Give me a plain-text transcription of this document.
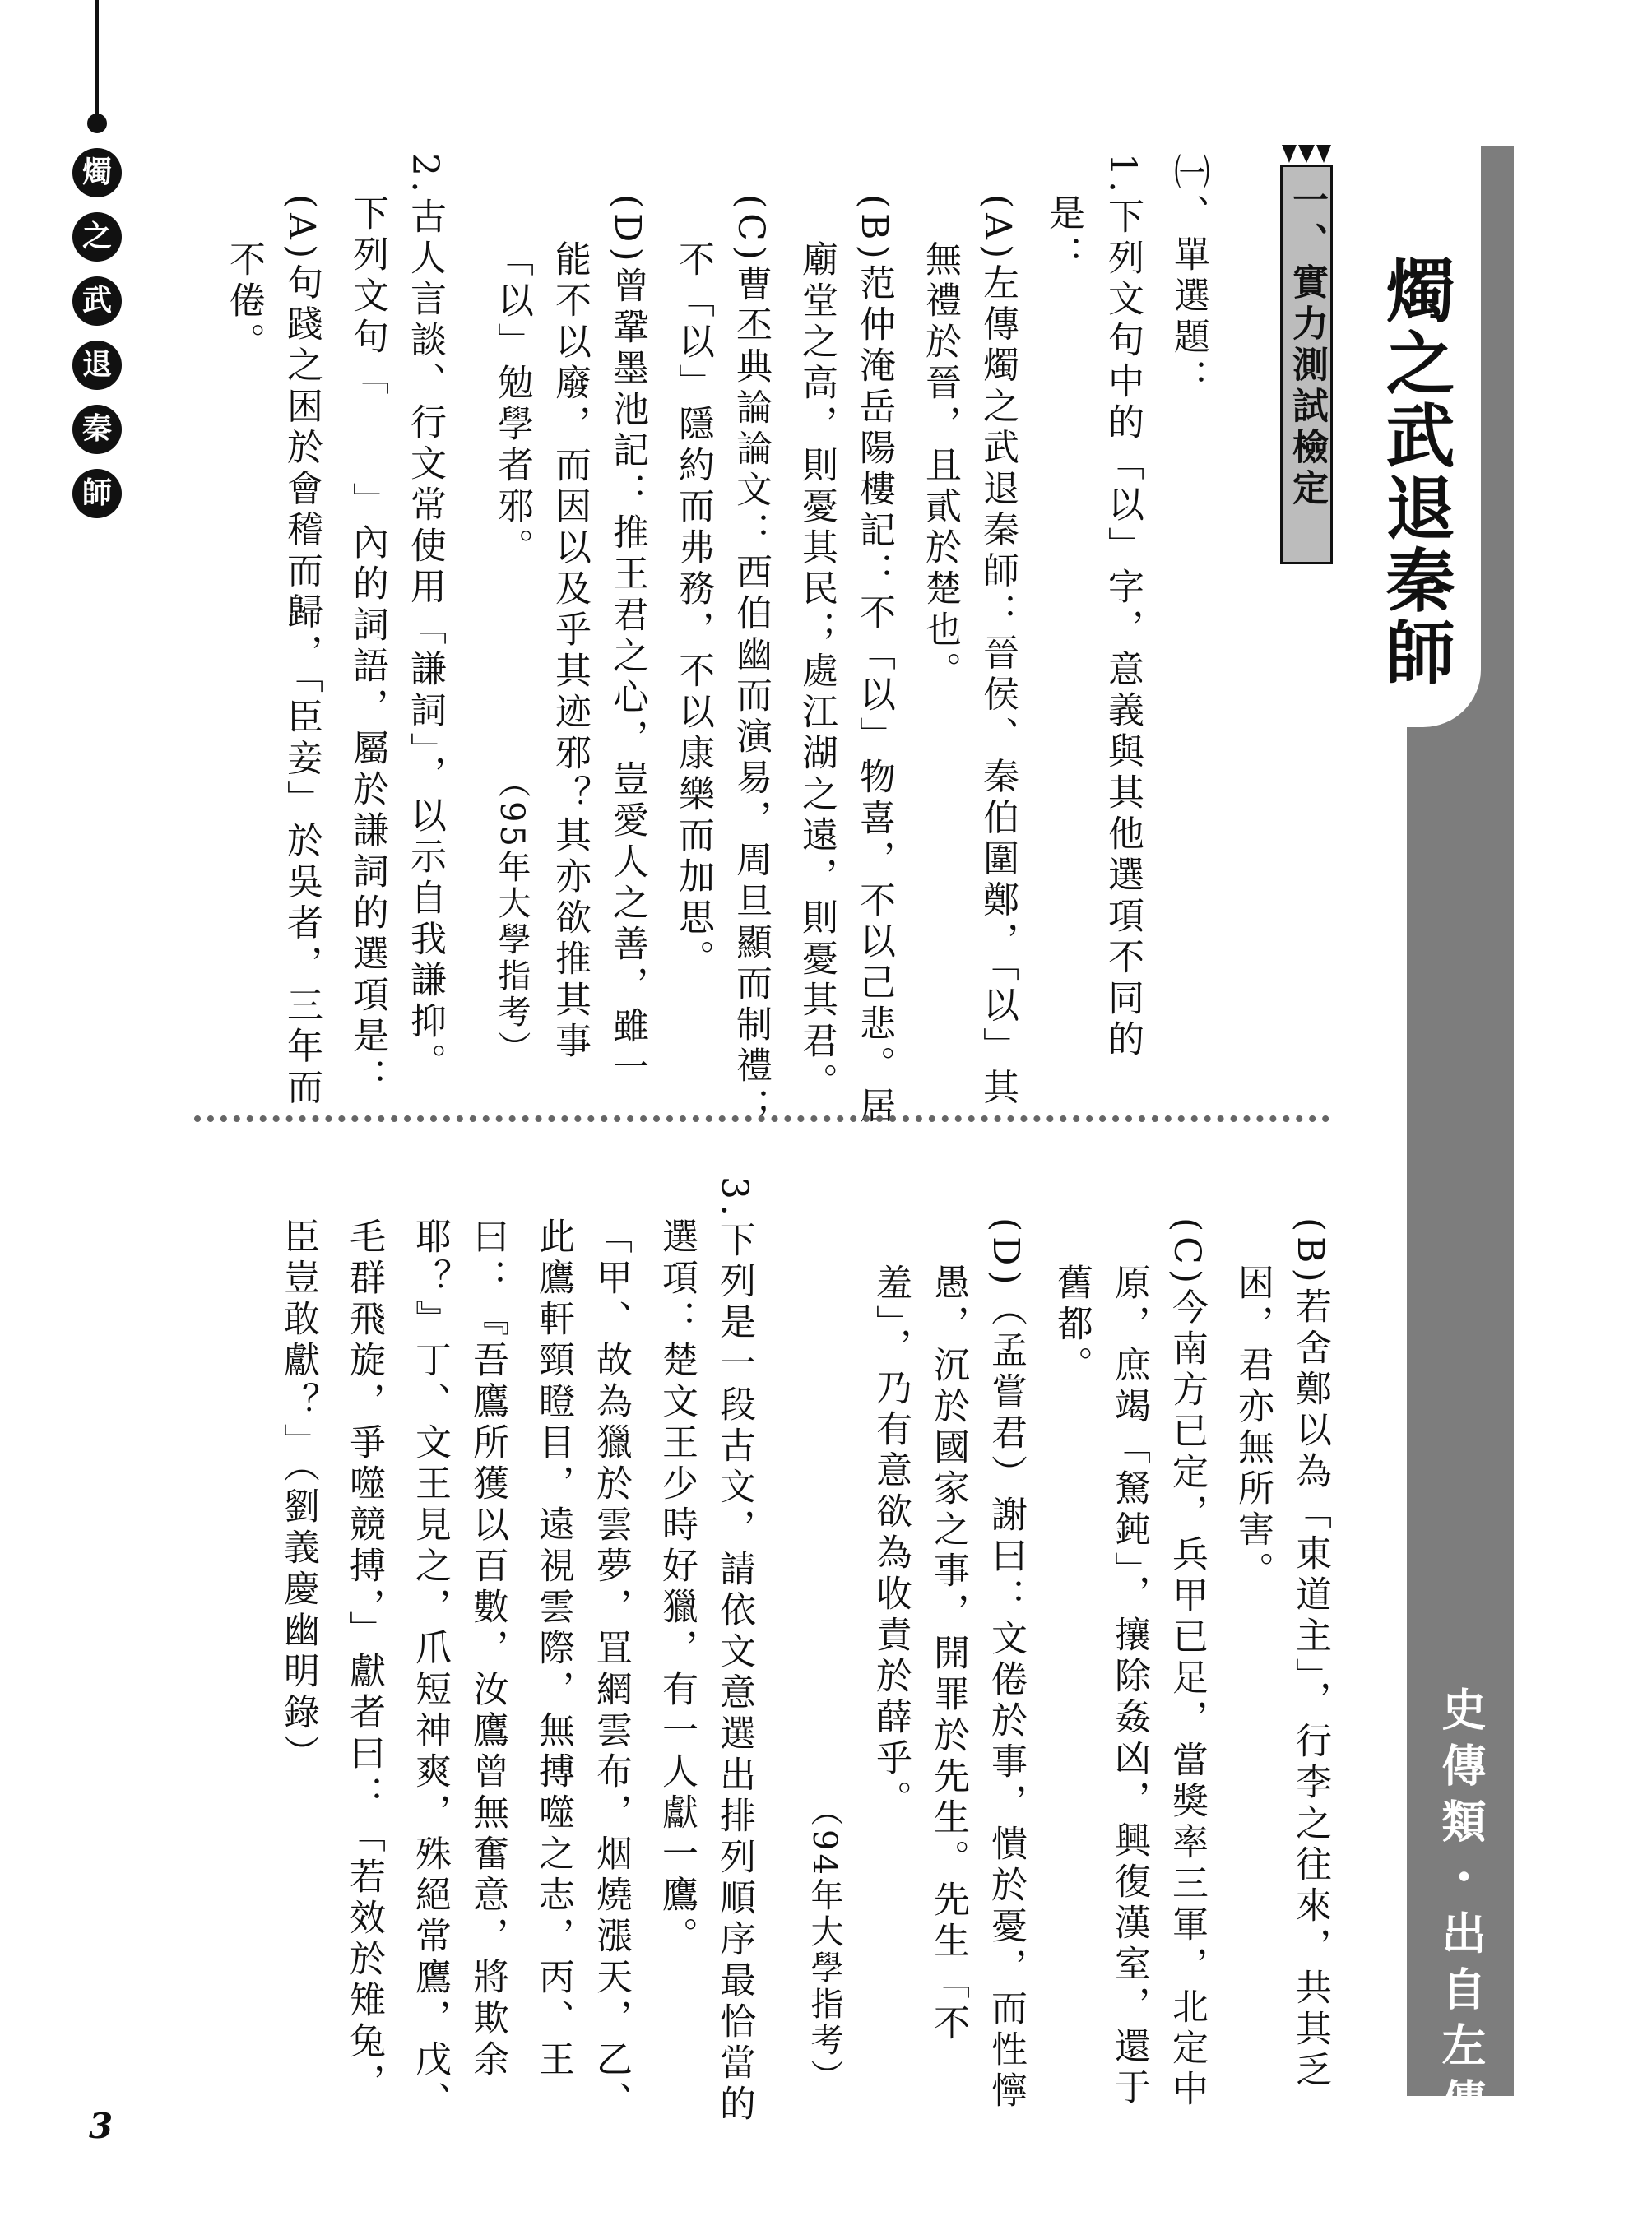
燭之武退秦師
史傳類・出自左傳
燭
之
武
退
秦
師	一、實力測試檢定
㈠、單選題：
1.下列文句中的「以」字，意義與其他選項不同的
是：
(A)左傳燭之武退秦師：晉侯、秦伯圍鄭，「以」其
無禮於晉，且貳於楚也。
(B)范仲淹岳陽樓記：不「以」物喜，不以己悲。居
廟堂之高，則憂其民；處江湖之遠，則憂其君。
(C)曹丕典論論文：西伯幽而演易，周旦顯而制禮；
不「以」隱約而弗務，不以康樂而加思。
(D)曾鞏墨池記：推王君之心，豈愛人之善，雖一
能不以廢，而因以及乎其迹邪？其亦欲推其事
「以」勉學者邪。
（95年大學指考）
2.古人言談、行文常使用「謙詞」，以示自我謙抑。
下列文句「　　」內的詞語，屬於謙詞的選項是：
(A)句踐之困於會稽而歸，「臣妾」於吳者，三年而
不倦。
(B)若舍鄭以為「東道主」，行李之往來，共其乏
困，君亦無所害。
(C)今南方已定，兵甲已足，當獎率三軍，北定中
原，庶竭「駑鈍」，攘除姦凶，興復漢室，還于
舊都。
(D)（孟嘗君）謝曰：文倦於事，憒於憂，而性懧
愚，沉於國家之事，開罪於先生。先生「不
羞」，乃有意欲為收責於薛乎。
（94年大學指考）
3.下列是一段古文，請依文意選出排列順序最恰當的
選項：楚文王少時好獵，有一人獻一鷹。
「甲、故為獵於雲夢，罝網雲布，烟燒漲天，乙、
此鷹軒頸瞪目，遠視雲際，無搏噬之志，丙、王
曰：『吾鷹所獲以百數，汝鷹曾無奮意，將欺余
耶？』丁、文王見之，爪短神爽，殊絕常鷹，戊、
毛群飛旋，爭噬競搏，」獻者曰：「若效於雉兔，
臣豈敢獻？」（劉義慶幽明錄）
3
